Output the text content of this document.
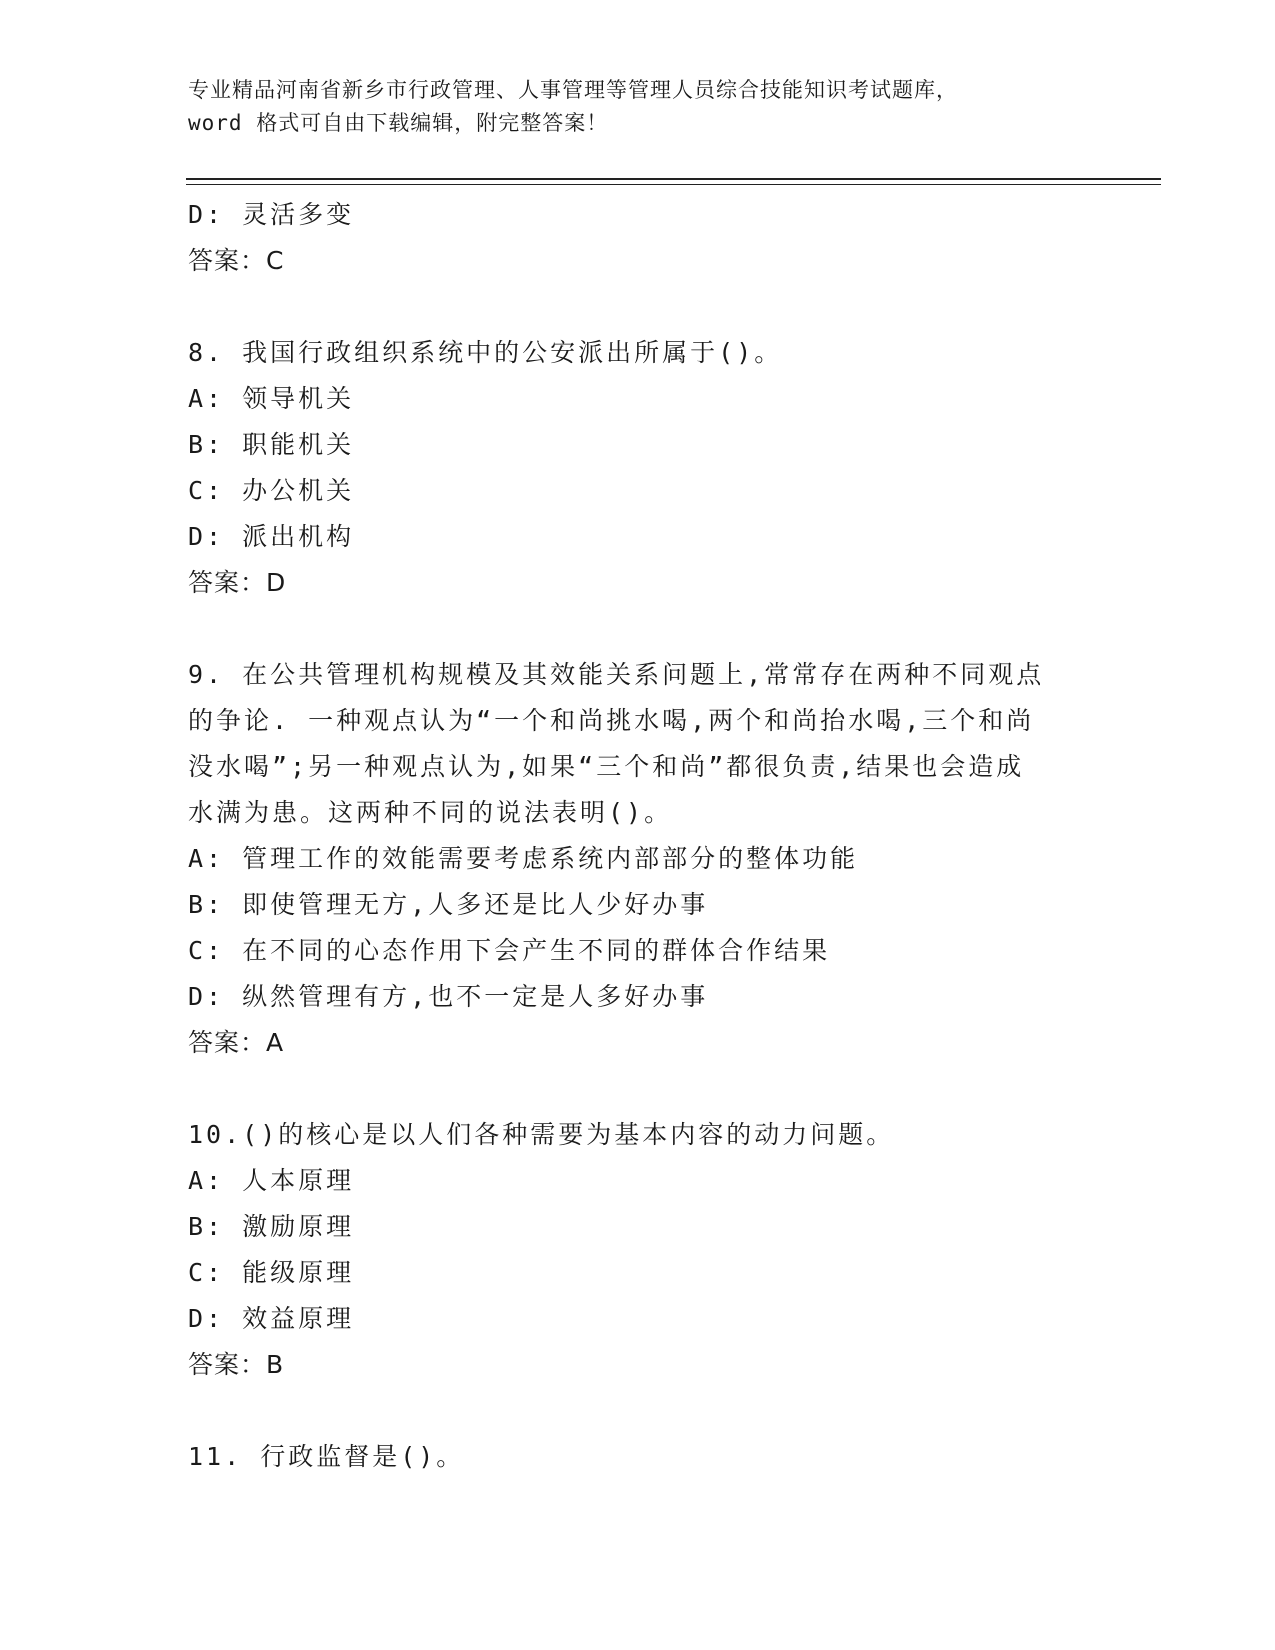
专业精品河南省新乡市行政管理、人事管理等管理人员综合技能知识考试题库，
word 格式可自由下载编辑，附完整答案！
D: 灵活多变
答案：C
8. 我国行政组织系统中的公安派出所属于()。
A: 领导机关
B: 职能机关
C: 办公机关
D: 派出机构
答案：D
9. 在公共管理机构规模及其效能关系问题上,常常存在两种不同观点
的争论. 一种观点认为“一个和尚挑水喝,两个和尚抬水喝,三个和尚
没水喝”;另一种观点认为,如果“三个和尚”都很负责,结果也会造成
水满为患。这两种不同的说法表明()。
A: 管理工作的效能需要考虑系统内部部分的整体功能
B: 即使管理无方,人多还是比人少好办事
C: 在不同的心态作用下会产生不同的群体合作结果
D: 纵然管理有方,也不一定是人多好办事
答案：A
10.()的核心是以人们各种需要为基本内容的动力问题。
A: 人本原理
B: 激励原理
C: 能级原理
D: 效益原理
答案：B
11. 行政监督是()。
